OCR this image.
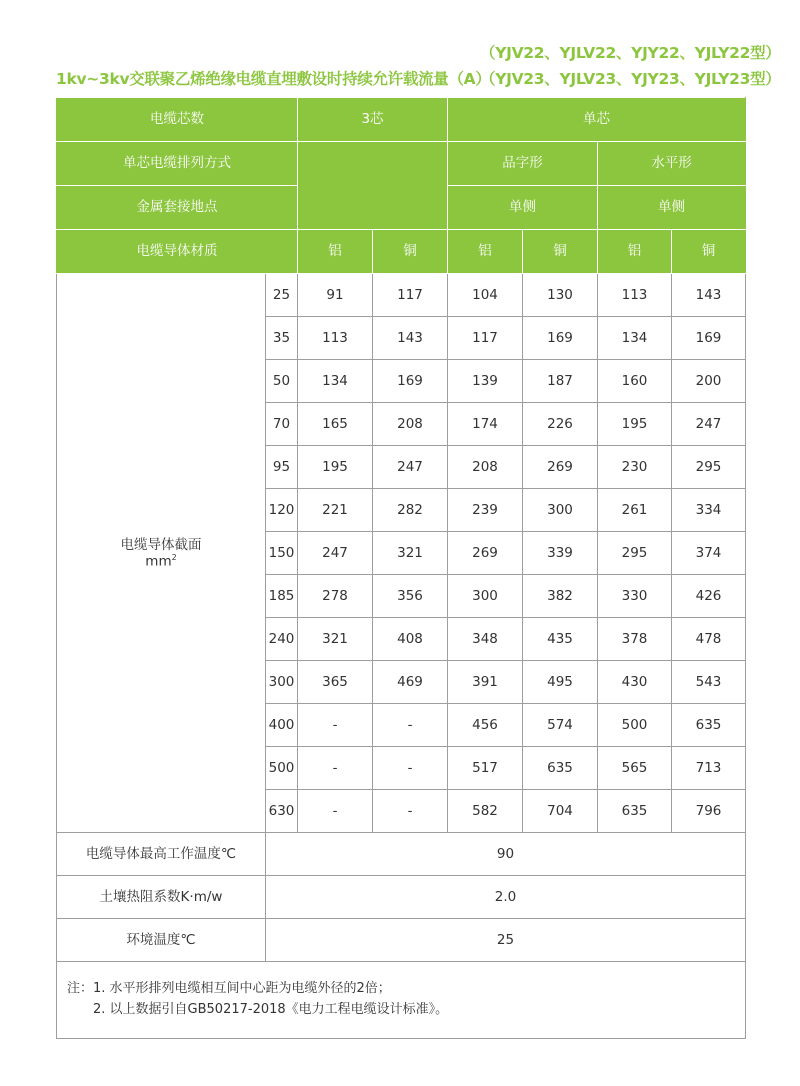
（YJV22、YJLV22、YJY22、YJLY22型）
1kv~3kv交联聚乙烯绝缘电缆直埋敷设时持续允许载流量（A）
（YJV23、YJLV23、YJY23、YJLY23型）
电缆芯数		3芯		单芯			
单芯电缆排列方式				品字形		水平形	
金属套接地点				单侧		单侧	
电缆导体材质		铝	铜	铝	铜	铝	铜
电缆导体截面
$mm^2$	25	91	117	104	130	113	143
	35	113	143	117	169	134	169
	50	134	169	139	187	160	200
	70	165	208	174	226	195	247
	95	195	247	208	269	230	295
	120	221	282	239	300	261	334
	150	247	321	269	339	295	374
	185	278	356	300	382	330	426
	240	321	408	348	435	378	478
	300	365	469	391	495	430	543
	400	-	-	456	574	500	635
	500	-	-	517	635	565	713
	630	-	-	582	704	635	796
电缆导体最高工作温度℃	90						
土壤热阻系数K·m/w	2.0						
环境温度℃	25						

注：1. 水平形排列电缆相互间中心距为电缆外径的2倍；
2. 以上数据引自GB50217-2018《电力工程电缆设计标准》。							
